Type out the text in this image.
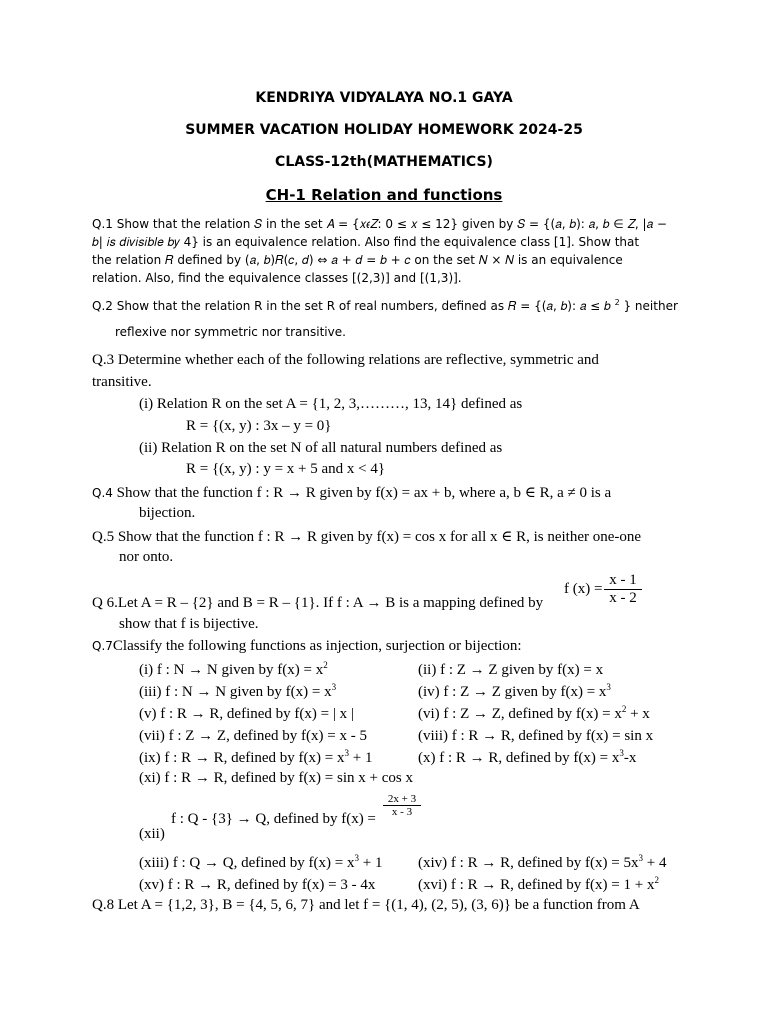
KENDRIYA VIDYALAYA NO.1 GAYA
SUMMER VACATION HOLIDAY HOMEWORK 2024-25
CLASS-12th(MATHEMATICS)
CH-1 Relation and functions
Q.1 Show that the relation 𝑆 in the set 𝐴 = {𝑥𝜖𝑍: 0 ≤ 𝑥 ≤ 12} given by 𝑆 = {(𝑎, 𝑏): 𝑎, 𝑏 ∈ 𝑍, |𝑎 −
𝑏| 𝑖𝑠 𝑑𝑖𝑣𝑖𝑠𝑖𝑏𝑙𝑒 𝑏𝑦 4} is an equivalence relation. Also find the equivalence class [1]. Show that
the relation 𝑅 defined by (𝑎, 𝑏)𝑅(𝑐, 𝑑) ⇔ 𝑎 + 𝑑 = 𝑏 + 𝑐 on the set 𝑁 × 𝑁 is an equivalence
relation. Also, find the equivalence classes [(2,3)] and [(1,3)].
Q.2 Show that the relation R in the set R of real numbers, defined as 𝑅 = {(𝑎, 𝑏): 𝑎 ≤ 𝑏 $^2$ } neither
reflexive nor symmetric nor transitive.
Q.3 Determine whether each of the following relations are reflective, symmetric and
transitive.
(i) Relation R on the set A = {1, 2, 3,………, 13, 14} defined as
R = {(x, y) : 3x – y = 0}
(ii) Relation R on the set N of all natural numbers defined as
R = {(x, y) : y = x + 5 and x < 4}
Q.4 Show that the function f : R → R given by f(x) = ax + b, where a, b ∈ R, a ≠ 0 is a
bijection.
Q.5 Show that the function f : R → R given by f(x) = cos x for all x ∈ R, is neither one-one
nor onto.
f $(x) = \frac{x - 1}{x - 2}$
Q 6.Let A = R – {2} and B = R – {1}. If f : A → B is a mapping defined by
show that f is bijective.
Q.7Classify the following functions as injection, surjection or bijection:
(i) f : N → N given by $f(x) = x^2$
(iii) f : N → N given by $f(x) = x^3$
(v) f : R → R, defined by f(x) = | x |
(vii) f : Z → Z, defined by f(x) = x - 5
(ix) f : R → R, defined by $f(x) = x^3 + 1$
(ii) f : Z → Z given by f(x) = x
(iv) f : Z → Z given by $f(x) = x^3$
(vi) f : Z → Z, defined by $f(x) = x^2 + x$
(viii) f : R → R, defined by f(x) = sin x
(x) f : R → R, defined by $f(x) = x^3-x$
(xi) f : R → R, defined by f(x) = sin x + cos x
f : Q - {3} → Q, defined by f(x) =
$\frac{2x + 3}{x - 3}$
(xii)
(xiii) f : Q → Q, defined by $f(x) = x^3 + 1$ (xiv) f : R → R, defined by $f(x) = 5x^3 + 4$
(xv) f : R → R, defined by f(x) = 3 - 4x	(xvi) f : R → R, defined by $f(x) = 1 + x^2$
Q.8 Let A = {1,2, 3}, B = {4, 5, 6, 7} and let f = {(1, 4), (2, 5), (3, 6)} be a function from A
